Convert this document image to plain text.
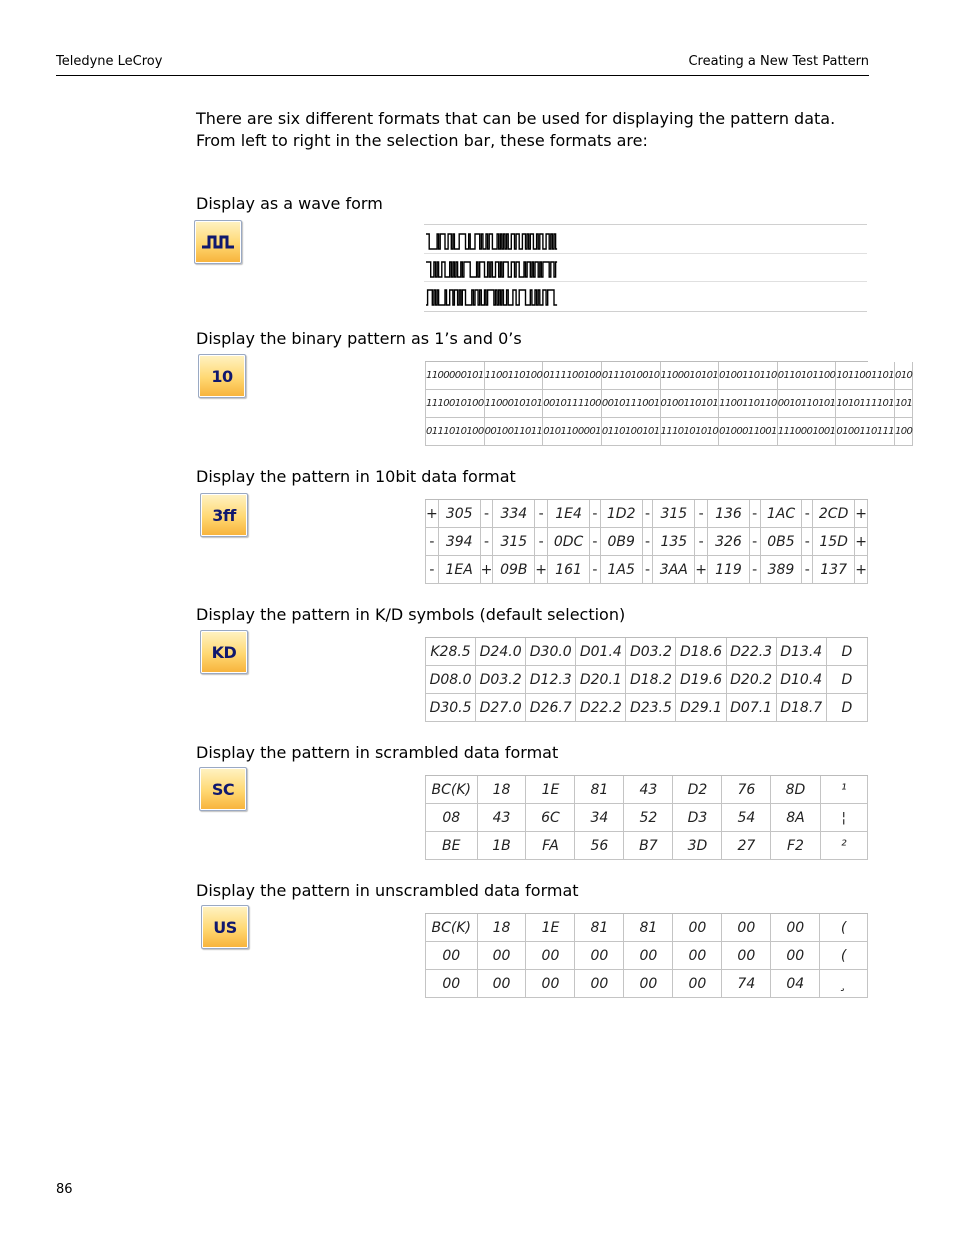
Teledyne LeCroy	Creating a New Test Pattern
There are six different formats that can be used for displaying the pattern data. From left to right in the selection bar, these formats are:
Display as a wave form
Display the binary pattern as 1’s and 0’s
10	1100000101	1100110100	0111100100	0111010010	1100010101	0100110110	0110101100	1011001101	010
1110010100	1100010101	0010111100	0010111001	0100110101	1100110110	0010110101	1010111101	101
0111010100	0010011011	0101100001	0110100101	1110101010	0100011001	1110001001	0100110111	100
Display the pattern in 10bit data format
3ff	+	305	-	334	-	1E4	-	1D2	-	315	-	136	-	1AC	-	2CD	+
-	394	-	315	-	0DC	-	0B9	-	135	-	326	-	0B5	-	15D	+
-	1EA	+	09B	+	161	-	1A5	-	3AA	+	119	-	389	-	137	+
Display the pattern in K/D symbols (default selection)
KD	K28.5	D24.0	D30.0	D01.4	D03.2	D18.6	D22.3	D13.4	D
D08.0	D03.2	D12.3	D20.1	D18.2	D19.6	D20.2	D10.4	D
D30.5	D27.0	D26.7	D22.2	D23.5	D29.1	D07.1	D18.7	D
Display the pattern in scrambled data format
SC	BC(K)	18	1E	81	43	D2	76	8D	¹
08	43	6C	34	52	D3	54	8A	¦
BE	1B	FA	56	B7	3D	27	F2	²
Display the pattern in unscrambled data format
US	BC(K)	18	1E	81	81	00	00	00	(
00	00	00	00	00	00	00	00	(
00	00	00	00	00	00	74	04	¸
86
